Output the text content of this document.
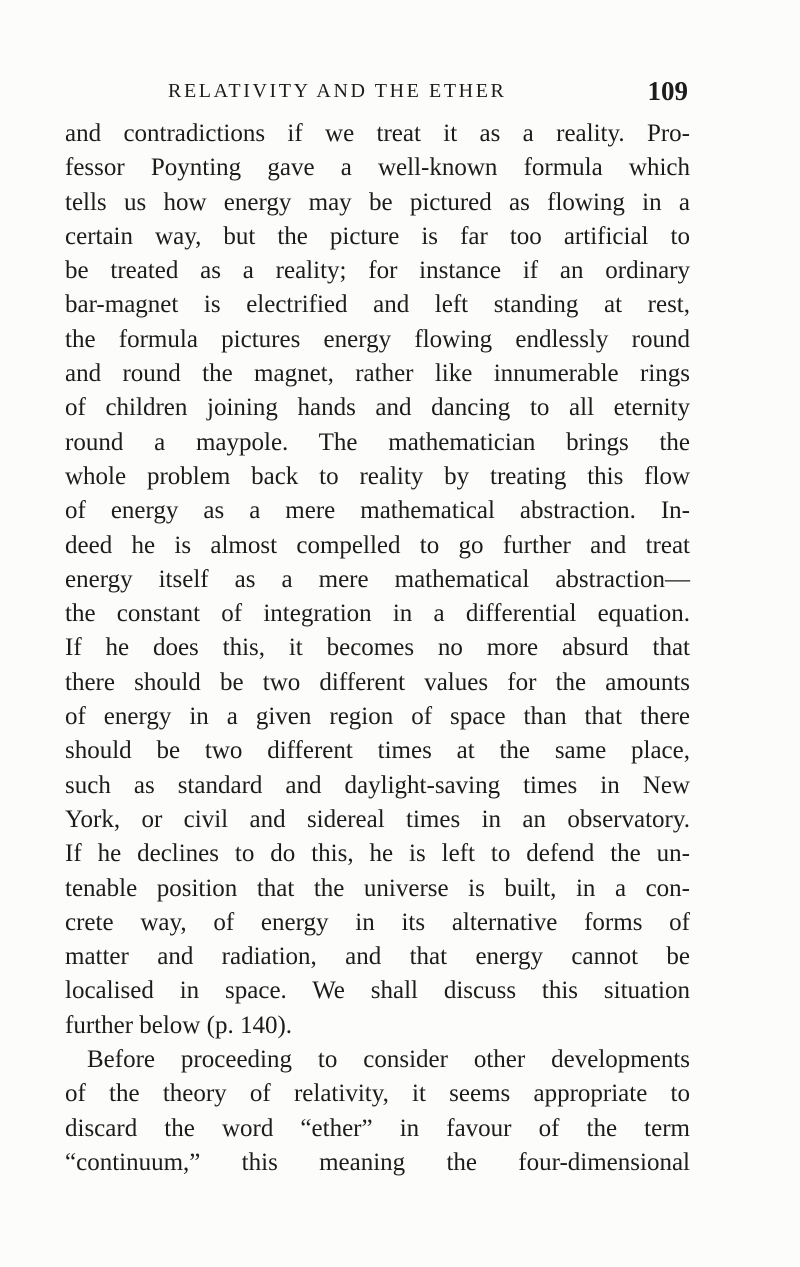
RELATIVITY AND THE ETHER	109
and contradictions if we treat it as a reality. Pro-
fessor Poynting gave a well-known formula which
tells us how energy may be pictured as flowing in a
certain way, but the picture is far too artificial to
be treated as a reality; for instance if an ordinary
bar-magnet is electrified and left standing at rest,
the formula pictures energy flowing endlessly round
and round the magnet, rather like innumerable rings
of children joining hands and dancing to all eternity
round a maypole. The mathematician brings the
whole problem back to reality by treating this flow
of energy as a mere mathematical abstraction. In-
deed he is almost compelled to go further and treat
energy itself as a mere mathematical abstraction—
the constant of integration in a differential equation.
If he does this, it becomes no more absurd that
there should be two different values for the amounts
of energy in a given region of space than that there
should be two different times at the same place,
such as standard and daylight-saving times in New
York, or civil and sidereal times in an observatory.
If he declines to do this, he is left to defend the un-
tenable position that the universe is built, in a con-
crete way, of energy in its alternative forms of
matter and radiation, and that energy cannot be
localised in space. We shall discuss this situation
further below (p. 140).
Before proceeding to consider other developments
of the theory of relativity, it seems appropriate to
discard the word “ether” in favour of the term
“continuum,” this meaning the four-dimensional
